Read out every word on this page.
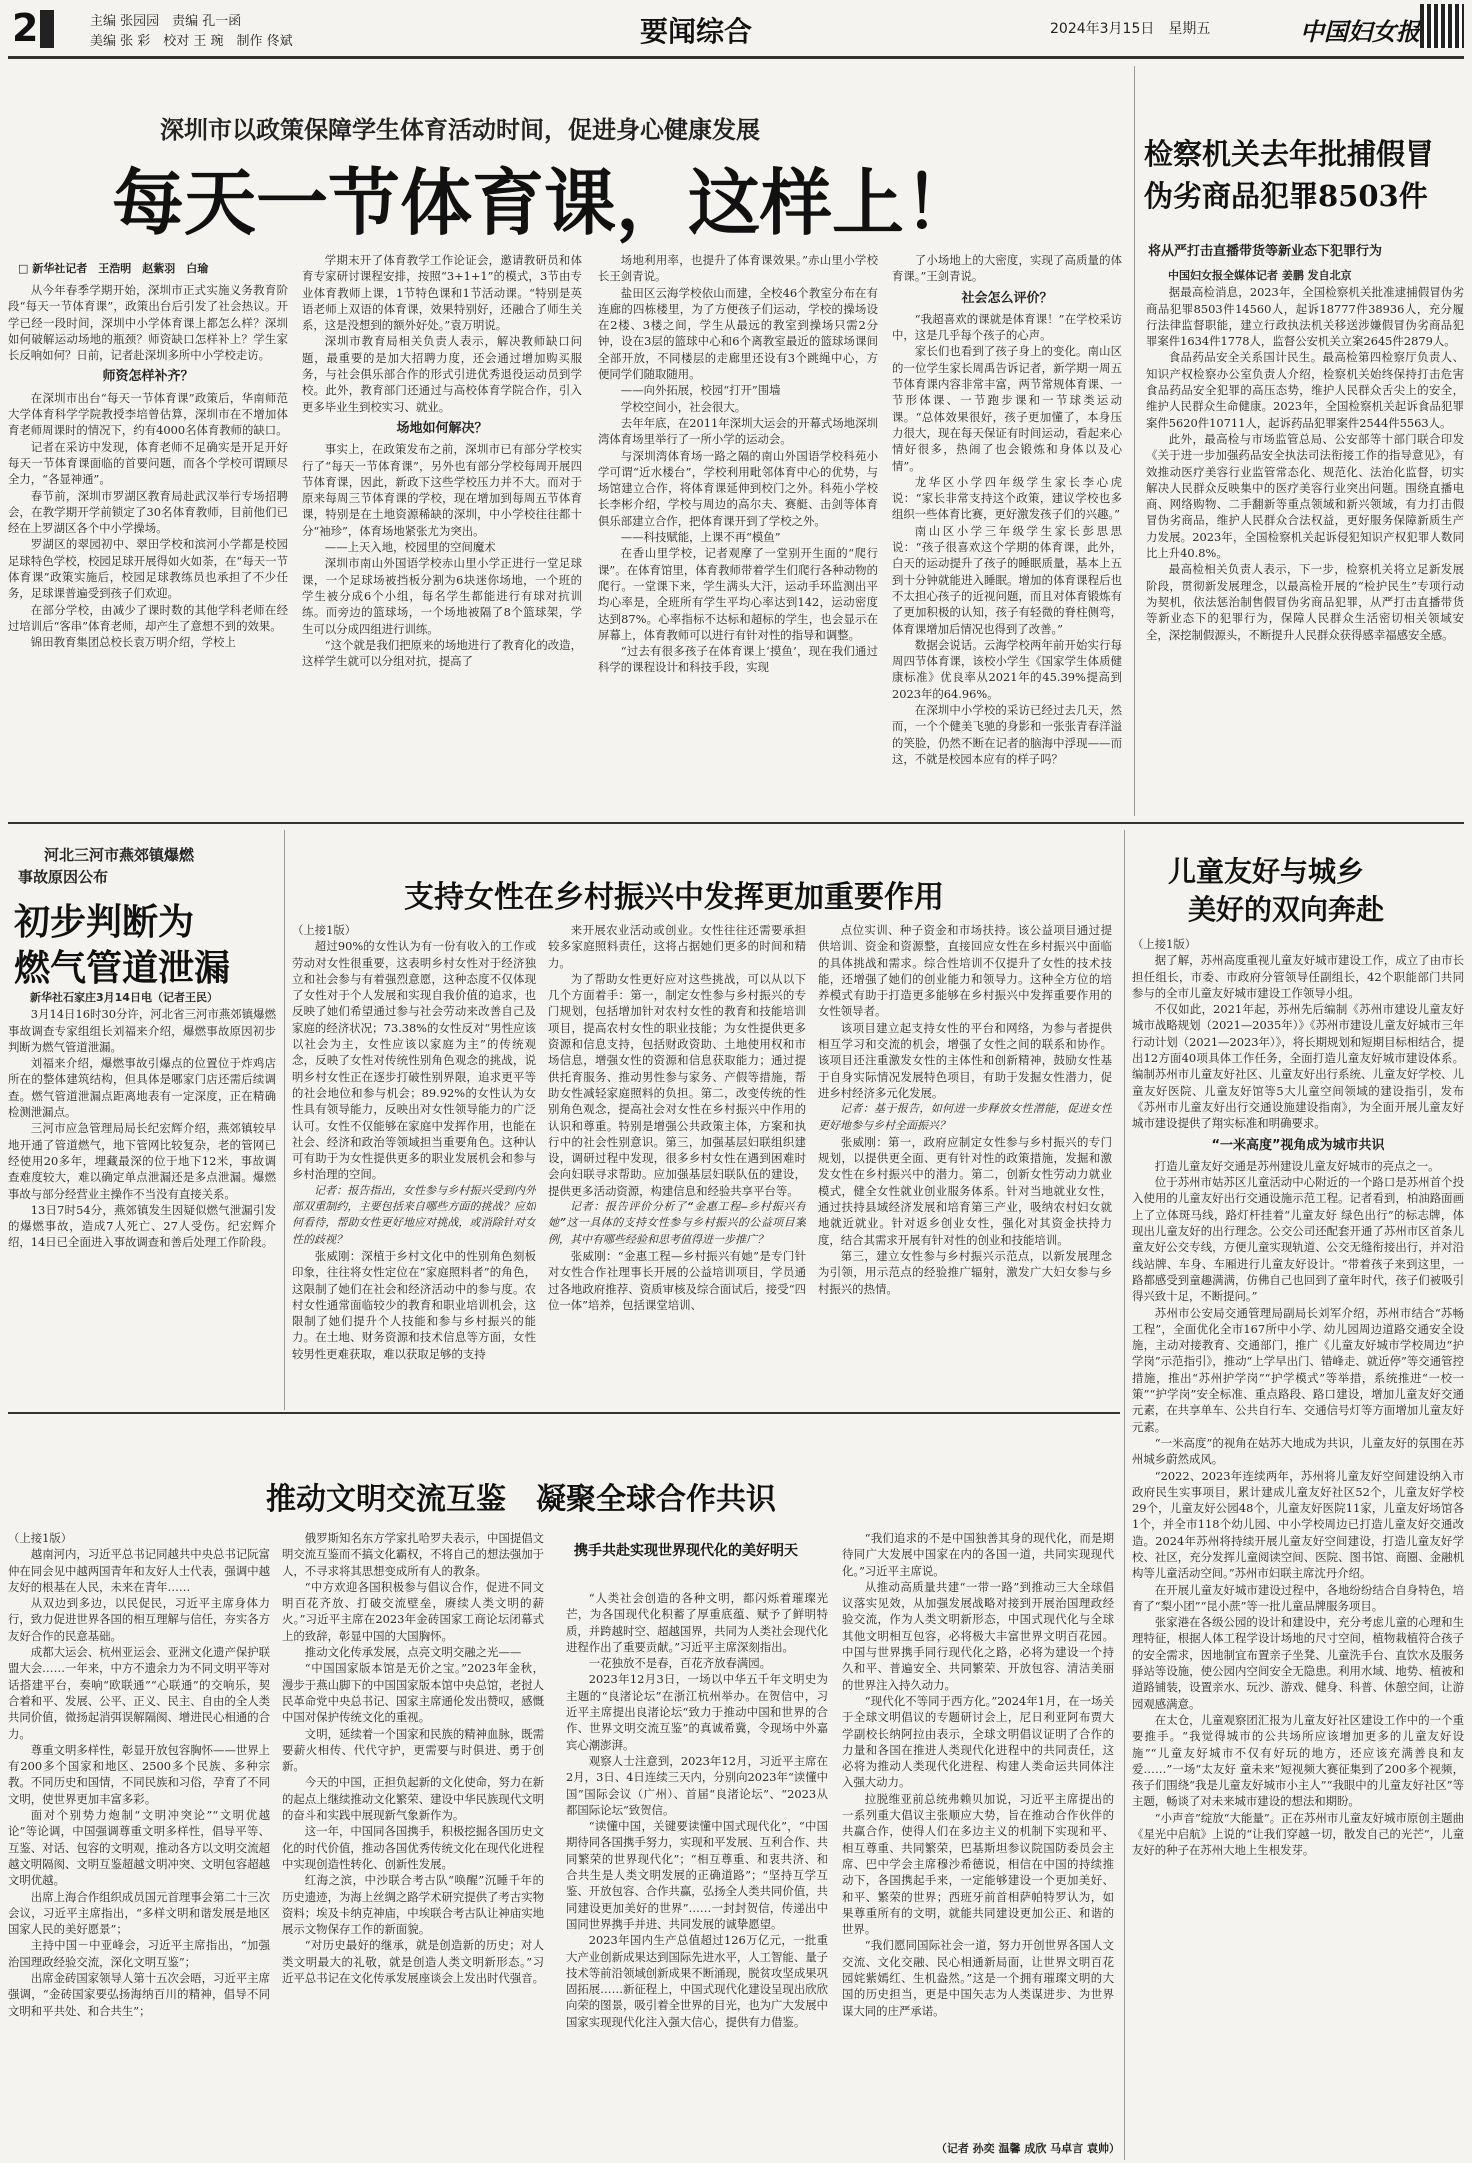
2	主编 张园园　责编 孔一函
美编 张 彩　校对 王 琬　制作 佟斌	要闻综合	2024年3月15日　星期五	中国妇女报
深圳市以政策保障学生体育活动时间，促进身心健康发展
每天一节体育课，这样上！
□ 新华社记者　王浩明　赵紫羽　白瑜

从今年春季学期开始，深圳市正式实施义务教育阶段“每天一节体育课”，政策出台后引发了社会热议。开学已经一段时间，深圳中小学体育课上都怎么样？深圳如何破解运动场地的瓶颈？师资缺口怎样补上？学生家长反响如何？日前，记者赴深圳多所中小学校走访。

师资怎样补齐？

在深圳市出台“每天一节体育课”政策后，华南师范大学体育科学学院教授李培曾估算，深圳市在不增加体育老师周课时的情况下，约有4000名体育教师的缺口。

记者在采访中发现，体育老师不足确实是开足开好每天一节体育课面临的首要问题，而各个学校可谓顾尽全力，“各显神通”。

春节前，深圳市罗湖区教育局赴武汉举行专场招聘会，在教学期开学前锁定了30名体育教师，目前他们已经在上罗湖区各个中小学操场。

罗湖区的翠园初中、翠田学校和滨河小学都是校园足球特色学校，校园足球开展得如火如荼，在“每天一节体育课”政策实施后，校园足球教练员也承担了不少任务，足球课普遍受到孩子们欢迎。

在部分学校，由减少了课时数的其他学科老师在经过培训后“客串”体育老师，却产生了意想不到的效果。

锦田教育集团总校长袁万明介绍，学校上

学期末开了体育教学工作论证会，邀请教研员和体育专家研讨课程安排，按照“3+1+1”的模式，3节由专业体育教师上课，1节特色课和1节活动课。“特别是英语老师上双语的体育课，效果特别好，还融合了师生关系，这是没想到的额外好处。”袁万明说。

深圳市教育局相关负责人表示，解决教师缺口问题，最重要的是加大招聘力度，还会通过增加购买服务，与社会俱乐部合作的形式引进优秀退役运动员到学校。此外，教育部门还通过与高校体育学院合作，引入更多毕业生到校实习、就业。

场地如何解决？

事实上，在政策发布之前，深圳市已有部分学校实行了“每天一节体育课”，另外也有部分学校每周开展四节体育课，因此，新政下这些学校压力并不大。而对于原来每周三节体育课的学校，现在增加到每周五节体育课，特别是在土地资源稀缺的深圳，中小学校往往都十分“袖珍”，体育场地紧张尤为突出。

——上天入地，校园里的空间魔术

深圳市南山外国语学校赤山里小学正进行一堂足球课，一个足球场被挡板分割为6块迷你场地，一个班的学生被分成6个小组，每名学生都能进行有球对抗训练。而旁边的篮球场，一个场地被隔了8个篮球架，学生可以分成四组进行训练。

“这个就是我们把原来的场地进行了教育化的改造，这样学生就可以分组对抗，提高了

场地利用率，也提升了体育课效果。”赤山里小学校长王剑青说。

盐田区云海学校依山而建，全校46个教室分布在有连廊的四栋楼里，为了方便孩子们运动，学校的操场设在2楼、3楼之间，学生从最远的教室到操场只需2分钟，设在3层的篮球中心和6个离教室最近的篮球场课间全部开放，不同楼层的走廊里还设有3个跳绳中心，方便同学们随取随用。

——向外拓展，校园“打开”围墙

学校空间小，社会很大。

去年年底，在2011年深圳大运会的开幕式场地深圳湾体育场里举行了一所小学的运动会。

与深圳湾体育场一路之隔的南山外国语学校科苑小学可谓“近水楼台”，学校利用毗邻体育中心的优势，与场馆建立合作，将体育课延伸到校门之外。科苑小学校长李彬介绍，学校与周边的高尔夫、赛艇、击剑等体育俱乐部建立合作，把体育课开到了学校之外。

——科技赋能，上课不再“模鱼”

在香山里学校，记者观摩了一堂别开生面的“爬行课”。在体育馆里，体育教师带着学生们爬行各种动物的爬行。一堂课下来，学生满头大汗，运动手环监测出平均心率是，全班所有学生平均心率达到142，运动密度达到87%。心率指标不达标和超标的学生，也会显示在屏幕上，体育教师可以进行有针对性的指导和调整。

“过去有很多孩子在体育课上‘摸鱼’，现在我们通过科学的课程设计和科技手段，实现

了小场地上的大密度，实现了高质量的体育课。”王剑青说。

社会怎么评价？

“我超喜欢的课就是体育课！”在学校采访中，这是几乎每个孩子的心声。

家长们也看到了孩子身上的变化。南山区的一位学生家长周禹告诉记者，新学期一周五节体育课内容非常丰富，两节常规体育课、一节形体课、一节跑步课和一节球类运动课。“总体效果很好，孩子更加懂了，本身压力很大，现在每天保证有时间运动，看起来心情好很多，热闹了也会锻炼和身体以及心情”。

龙华区小学四年级学生家长李心虎说：“家长非常支持这个政策，建议学校也多组织一些体育比赛，更好激发孩子们的兴趣。”

南山区小学三年级学生家长彭思思说：“孩子很喜欢这个学期的体育课，此外，白天的运动提升了孩子的睡眠质量，基本上五到十分钟就能进入睡眠。增加的体育课程后也不太担心孩子的近视问题，而且对体育锻炼有了更加积极的认知，孩子有轻微的脊柱侧弯，体育课增加后情况也得到了改善。”

数据会说话。云海学校两年前开始实行每周四节体育课，该校小学生《国家学生体质健康标准》优良率从2021年的45.39%提高到2023年的64.96%。

在深圳中小学校的采访已经过去几天，然而，一个个健美飞驰的身影和一张张青春洋溢的笑脸，仍然不断在记者的脑海中浮现——而这，不就是校园本应有的样子吗？

检察机关去年批捕假冒
伪劣商品犯罪8503件
将从严打击直播带货等新业态下犯罪行为

中国妇女报全媒体记者 姜鹏 发自北京

据最高检消息，2023年，全国检察机关批准逮捕假冒伪劣商品犯罪8503件14560人，起诉18777件38936人，充分履行法律监督职能，建立行政执法机关移送涉嫌假冒伪劣商品犯罪案件1634件1778人，监督公安机关立案2645件2879人。

食品药品安全关系国计民生。最高检第四检察厅负责人、知识产权检察办公室负责人介绍，检察机关始终保持打击危害食品药品安全犯罪的高压态势，维护人民群众舌尖上的安全，维护人民群众生命健康。2023年，全国检察机关起诉食品犯罪案件5620件10711人，起诉药品犯罪案件2544件5563人。

此外，最高检与市场监管总局、公安部等十部门联合印发《关于进一步加强药品安全执法司法衔接工作的指导意见》，有效推动医疗美容行业监管常态化、规范化、法治化监督，切实解决人民群众反映集中的医疗美容行业突出问题。围绕直播电商、网络购物、二手翻新等重点领域和新兴领域，有力打击假冒伪劣商品，维护人民群众合法权益，更好服务保障新质生产力发展。2023年，全国检察机关起诉侵犯知识产权犯罪人数同比上升40.8%。

最高检相关负责人表示，下一步，检察机关将立足新发展阶段，贯彻新发展理念，以最高检开展的“检护民生”专项行动为契机，依法惩治制售假冒伪劣商品犯罪，从严打击直播带货等新业态下的犯罪行为，保障人民群众生活密切相关领域安全，深挖制假源头，不断提升人民群众获得感幸福感安全感。

河北三河市燕郊镇爆燃
事故原因公布
初步判断为
燃气管道泄漏

新华社石家庄3月14日电（记者王民）

3月14日16时30分许，河北省三河市燕郊镇爆燃事故调查专家组组长刘福来介绍，爆燃事故原因初步判断为燃气管道泄漏。

刘福来介绍，爆燃事故引爆点的位置位于炸鸡店所在的整体建筑结构，但具体是哪家门店还需后续调查。燃气管道泄漏点距离地表有一定深度，正在精确检测泄漏点。

三河市应急管理局局长纪宏辉介绍，燕郊镇较早地开通了管道燃气，地下管网比较复杂，老的管网已经使用20多年，埋藏最深的位于地下12米，事故调查难度较大，难以确定单点泄漏还是多点泄漏。爆燃事故与部分经营业主操作不当没有直接关系。

13日7时54分，燕郊镇发生因疑似燃气泄漏引发的爆燃事故，造成7人死亡、27人受伤。纪宏辉介绍，14日已全面进入事故调查和善后处理工作阶段。

支持女性在乡村振兴中发挥更加重要作用

（上接1版）

超过90%的女性认为有一份有收入的工作或劳动对女性很重要，这表明乡村女性对于经济独立和社会参与有着强烈意愿，这种态度不仅体现了女性对于个人发展和实现自我价值的追求，也反映了她们希望通过参与社会劳动来改善自己及家庭的经济状况；73.38%的女性反对“男性应该以社会为主，女性应该以家庭为主”的传统观念，反映了女性对传统性别角色观念的挑战，说明乡村女性正在逐步打破性别界限，追求更平等的社会地位和参与机会；89.92%的女性认为女性具有领导能力，反映出对女性领导能力的广泛认可。女性不仅能够在家庭中发挥作用，也能在社会、经济和政治等领域担当重要角色。这种认可有助于为女性提供更多的职业发展机会和参与乡村治理的空间。

记者：报告指出，女性参与乡村振兴受到内外部双重制约，主要包括来自哪些方面的挑战？应如何看待，帮助女性更好地应对挑战，或消除针对女性的歧视？

张威刚：深植于乡村文化中的性别角色刻板印象，往往将女性定位在“家庭照料者”的角色，这限制了她们在社会和经济活动中的参与度。农村女性通常面临较少的教育和职业培训机会，这限制了她们提升个人技能和参与乡村振兴的能力。在土地、财务资源和技术信息等方面，女性较男性更难获取，难以获取足够的支持

来开展农业活动或创业。女性往往还需要承担较多家庭照料责任，这将占据她们更多的时间和精力。

为了帮助女性更好应对这些挑战，可以从以下几个方面着手：第一，制定女性参与乡村振兴的专门规划，包括增加针对农村女性的教育和技能培训项目，提高农村女性的职业技能；为女性提供更多资源和信息支持，包括财政资助、土地使用权和市场信息，增强女性的资源和信息获取能力；通过提供托育服务、推动男性参与家务、产假等措施，帮助女性减轻家庭照料的负担。第二，改变传统的性别角色观念，提高社会对女性在乡村振兴中作用的认识和尊重。特别是增强公共政策主体，方案和执行中的社会性别意识。第三，加强基层妇联组织建设，调研过程中发现，很多乡村女性在遇到困难时会向妇联寻求帮助。应加强基层妇联队伍的建设，提供更多活动资源，构建信息和经验共享平台等。

记者：报告评价分析了“金惠工程—乡村振兴有她”这一具体的支持女性参与乡村振兴的公益项目案例，其中有哪些经验和思考值得进一步推广？

张威刚：“金惠工程—乡村振兴有她”是专门针对女性合作社理事长开展的公益培训项目，学员通过各地政府推荐、资质审核及综合面试后，接受“四位一体”培养，包括课堂培训、

点位实训、种子资金和市场扶持。该公益项目通过提供培训、资金和资源整，直接回应女性在乡村振兴中面临的具体挑战和需求。综合性培训不仅提升了女性的技术技能，还增强了她们的创业能力和领导力。这种全方位的培养模式有助于打造更多能够在乡村振兴中发挥重要作用的女性领导者。

该项目建立起支持女性的平台和网络，为参与者提供相互学习和交流的机会，增强了女性之间的联系和协作。该项目还注重激发女性的主体性和创新精神，鼓励女性基于自身实际情况发展特色项目，有助于发掘女性潜力，促进乡村经济多元化发展。

记者：基于报告，如何进一步释放女性潜能，促进女性更好地参与乡村全面振兴？

张威刚：第一，政府应制定女性参与乡村振兴的专门规划，以提供更全面、更有针对性的政策措施，发掘和激发女性在乡村振兴中的潜力。第二，创新女性劳动力就业模式，健全女性就业创业服务体系。针对当地就业女性，通过扶持县域经济发展和培育第三产业，吸纳农村妇女就地就近就业。针对返乡创业女性，强化对其资金扶持力度，结合其需求开展有针对性的创业和技能培训。

第三，建立女性参与乡村振兴示范点，以新发展理念为引领，用示范点的经验推广辐射，激发广大妇女参与乡村振兴的热情。

儿童友好与城乡
美好的双向奔赴

（上接1版）

据了解，苏州高度重视儿童友好城市建设工作，成立了由市长担任组长，市委、市政府分管领导任副组长，42个职能部门共同参与的全市儿童友好城市建设工作领导小组。

不仅如此，2021年起，苏州先后编制《苏州市建设儿童友好城市战略规划（2021—2035年）》《苏州市建设儿童友好城市三年行动计划（2021—2023年）》，将长期规划和短期目标相结合，提出12方面40项具体工作任务，全面打造儿童友好城市建设体系。编制苏州市儿童友好社区、儿童友好出行系统、儿童友好学校、儿童友好医院、儿童友好馆等5大儿童空间领域的建设指引，发布《苏州市儿童友好出行交通设施建设指南》，为全面开展儿童友好城市建设提供了翔实标准和明确要求。

“一米高度”视角成为城市共识

打造儿童友好交通是苏州建设儿童友好城市的亮点之一。

位于苏州市姑苏区儿童活动中心附近的一个路口是苏州首个投入使用的儿童友好出行交通设施示范工程。记者看到，柏油路面画上了立体斑马线，路灯杆挂着“儿童友好 绿色出行”的标志牌，体现出儿童友好的出行理念。公交公司还配套开通了苏州市区首条儿童友好公交专线，方便儿童实现轨道、公交无缝衔接出行，并对沿线站牌、车身、车厢进行儿童友好设计。“带着孩子来到这里，一路都感受到童趣满满，仿佛自己也回到了童年时代，孩子们被吸引得兴致十足，不断提问。”

苏州市公安局交通管理局副局长刘军介绍，苏州市结合“苏畅工程”，全面优化全市167所中小学、幼儿园周边道路交通安全设施，主动对接教育、交通部门，推广《儿童友好城市学校周边“护学岗”示范指引》，推动“上学早出门、错峰走、就近停”等交通管控措施，推出“苏州护学岗”“护学模式”等举措，系统推进“一校一策”“护学岗”安全标准、重点路段、路口建设，增加儿童友好交通元素，在共享单车、公共自行车、交通信号灯等方面增加儿童友好元素。

“一米高度”的视角在姑苏大地成为共识，儿童友好的氛围在苏州城乡蔚然成风。

“2022、2023年连续两年，苏州将儿童友好空间建设纳入市政府民生实事项目，累计建成儿童友好社区52个，儿童友好学校29个，儿童友好公园48个，儿童友好医院11家，儿童友好场馆各1个，并全市118个幼儿园、中小学校周边已打造儿童友好交通改造。2024年苏州将持续开展儿童友好空间建设，打造儿童友好学校、社区，充分发挥儿童阅读空间、医院、图书馆、商圈、金融机构等儿童活动空间。”苏州市妇联主席沈丹介绍。

在开展儿童友好城市建设过程中，各地纷纷结合自身特色，培育了“梨小团”“昆小蔗”等一批儿童品牌服务项目。

张家港在各级公园的设计和建设中，充分考虑儿童的心理和生理特征，根据人体工程学设计场地的尺寸空间，植物栽植符合孩子的安全需求，因地制宜布置亲子坐凳、儿童洗手台、直饮水及服务驿站等设施，使公园内空间安全无隐患。利用水域、地势、植被和道路铺装，设置亲水、玩沙、游戏、健身、科普、休憩空间，让游园观感满意。

在太仓，儿童观察团汇报为儿童友好社区建设工作中的一个重要推手。“我觉得城市的公共场所应该增加更多的儿童友好设施”“儿童友好城市不仅有好玩的地方，还应该充满善良和友爱……”一场“太友好 童未来”短视频大赛征集到了200多个视频，孩子们围绕“我是儿童友好城市小主人”“我眼中的儿童友好社区”等主题，畅谈了对未来城市建设的想法和期盼。

“小声音”绽放“大能量”。正在苏州市儿童友好城市原创主题曲《星光中启航》上说的“让我们穿越一切，散发自己的光芒”，儿童友好的种子在苏州大地上生根发芽。

推动文明交流互鉴　凝聚全球合作共识

（上接1版）

越南河内，习近平总书记同越共中央总书记阮富仲在同会见中越两国青年和友好人士代表，强调中越友好的根基在人民，未来在青年……

从双边到多边，以民促民，习近平主席身体力行，致力促进世界各国的相互理解与信任，夯实各方友好合作的民意基础。

成都大运会、杭州亚运会、亚洲文化遗产保护联盟大会……一年来，中方不遗余力为不同文明平等对话搭建平台，奏响“欧联通”“心联通”的交响乐，契合着和平、发展、公平、正义、民主、自由的全人类共同价值，微扬起消弭误解隔阂、增进民心相通的合力。

尊重文明多样性，彰显开放包容胸怀——世界上有200多个国家和地区、2500多个民族、多种宗教。不同历史和国情，不同民族和习俗，孕育了不同文明，使世界更加丰富多彩。

面对个别势力炮制“文明冲突论”“文明优越论”等论调，中国强调尊重文明多样性，倡导平等、互鉴、对话、包容的文明观，推动各方以文明交流超越文明隔阂、文明互鉴超越文明冲突、文明包容超越文明优越。

出席上海合作组织成员国元首理事会第二十三次会议，习近平主席指出，“多样文明和谐发展是地区国家人民的美好愿景”；

主持中国－中亚峰会，习近平主席指出，“加强治国理政经验交流，深化文明互鉴”；

出席金砖国家领导人第十五次会晤，习近平主席强调，“金砖国家要弘扬海纳百川的精神，倡导不同文明和平共处、和合共生”；

俄罗斯知名东方学家扎哈罗夫表示，中国提倡文明交流互鉴而不搞文化霸权，不将自己的想法强加于人，不寻求将其思想变成所有人的教条。

“中方欢迎各国积极参与倡议合作，促进不同文明百花齐放、打破交流壁垒，赓续人类文明的薪火。”习近平主席在2023年金砖国家工商论坛闭幕式上的致辞，彰显中国的大国胸怀。

推动文化传承发展，点亮文明交融之光——

“中国国家版本馆是无价之宝。”2023年金秋，漫步于燕山脚下的中国国家版本馆中央总馆，老挝人民革命党中央总书记、国家主席通伦发出赞叹，感慨中国对保护传统文化的重视。

文明，延续着一个国家和民族的精神血脉，既需要薪火相传、代代守护，更需要与时俱进、勇于创新。

今天的中国，正担负起新的文化使命，努力在新的起点上继续推动文化繁荣、建设中华民族现代文明的奋斗和实践中展现新气象新作为。

这一年，中国同各国携手，积极挖掘各国历史文化的时代价值，推动各国优秀传统文化在现代化进程中实现创造性转化、创新性发展。

红海之滨，中沙联合考古队“唤醒”沉睡千年的历史遗迹，为海上丝绸之路学术研究提供了考古实物资料；埃及卡纳克神庙，中埃联合考古队让神庙实地展示文物保存工作的新面貌。

“对历史最好的继承，就是创造新的历史；对人类文明最大的礼敬，就是创造人类文明新形态。”习近平总书记在文化传承发展座谈会上发出时代强音。

携手共赴实现世界现代化的美好明天

“人类社会创造的各种文明，都闪烁着璀璨光芒，为各国现代化积蓄了厚重底蕴、赋予了鲜明特质，并跨越时空、超越国界，共同为人类社会现代化进程作出了重要贡献。”习近平主席深刻指出。

一花独放不是春，百花齐放春满园。

2023年12月3日，一场以中华五千年文明史为主题的“良渚论坛”在浙江杭州举办。在贺信中，习近平主席提出良渚论坛“致力于推动中国和世界的合作、世界文明交流互鉴”的真诚希冀，令现场中外嘉宾心潮澎湃。

观察人士注意到，2023年12月，习近平主席在2月，3日、4日连续三天内，分别向2023年“读懂中国”国际会议（广州）、首届“良渚论坛”、“2023从都国际论坛”致贺信。

“读懂中国，关键要读懂中国式现代化”，“中国期待同各国携手努力，实现和平发展、互利合作、共同繁荣的世界现代化”；“相互尊重、和衷共济、和合共生是人类文明发展的正确道路”；“坚持互学互鉴、开放包容、合作共赢，弘扬全人类共同价值，共同建设更加美好的世界”……一封封贺信，传递出中国同世界携手并进、共同发展的诚挚愿望。

2023年国内生产总值超过126万亿元，一批重大产业创新成果达到国际先进水平，人工智能、量子技术等前沿领域创新成果不断涌现，脱贫攻坚成果巩固拓展……新征程上，中国式现代化建设呈现出欣欣向荣的图景，吸引着全世界的目光，也为广大发展中国家实现现代化注入强大信心，提供有力借鉴。

“我们追求的不是中国独善其身的现代化，而是期待同广大发展中国家在内的各国一道，共同实现现代化。”习近平主席说。

从推动高质量共建“一带一路”到推动三大全球倡议落实见效，从加强发展战略对接到开展治国理政经验交流，作为人类文明新形态，中国式现代化与全球其他文明相互包容，必将极大丰富世界文明百花园。中国与世界携手同行现代化之路，必将为建设一个持久和平、普遍安全、共同繁荣、开放包容、清洁美丽的世界注入持久动力。

“现代化不等同于西方化。”2024年1月，在一场关于全球文明倡议的专题研讨会上，尼日利亚阿布贾大学副校长纳阿拉由表示，全球文明倡议证明了合作的力量和各国在推进人类现代化进程中的共同责任，这必将为推动人类现代化进程、构建人类命运共同体注入强大动力。

拉脱维亚前总统弗赖贝加说，习近平主席提出的一系列重大倡议主张顺应大势，旨在推动合作伙伴的共赢合作，使得人们在多边主义的机制下实现和平、相互尊重、共同繁荣，巴基斯坦参议院国防委员会主席、巴中学会主席穆沙希德说，相信在中国的持续推动下，各国携起手来，一定能够建设一个更加美好、和平、繁荣的世界；西班牙前首相萨帕特罗认为，如果尊重所有的文明，就能共同建设更加公正、和谐的世界。

“我们愿同国际社会一道，努力开创世界各国人文交流、文化交融、民心相通新局面，让世界文明百花园姹紫嫣红、生机盎然。”这是一个拥有璀璨文明的大国的历史担当，更是中国矢志为人类谋进步、为世界谋大同的庄严承诺。

（记者 孙奕 温馨 成欣 马卓言 袁帅）
